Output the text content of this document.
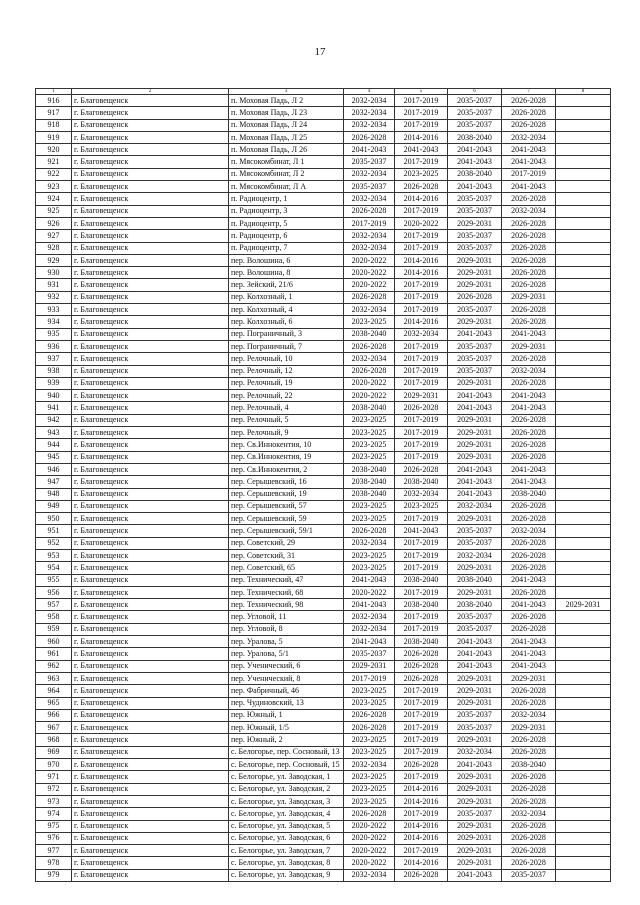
17
1	2	3	4	5	6	7	8
916	г. Благовещенск	п. Моховая Падь, Л 2	2032-2034	2017-2019	2035-2037	2026-2028	
917	г. Благовещенск	п. Моховая Падь, Л 23	2032-2034	2017-2019	2035-2037	2026-2028	
918	г. Благовещенск	п. Моховая Падь, Л 24	2032-2034	2017-2019	2035-2037	2026-2028	
919	г. Благовещенск	п. Моховая Падь, Л 25	2026-2028	2014-2016	2038-2040	2032-2034	
920	г. Благовещенск	п. Моховая Падь, Л 26	2041-2043	2041-2043	2041-2043	2041-2043	
921	г. Благовещенск	п. Мясокомбинат, Л 1	2035-2037	2017-2019	2041-2043	2041-2043	
922	г. Благовещенск	п. Мясокомбинат, Л 2	2032-2034	2023-2025	2038-2040	2017-2019	
923	г. Благовещенск	п. Мясокомбинат, Л А	2035-2037	2026-2028	2041-2043	2041-2043	
924	г. Благовещенск	п. Радиоцентр, 1	2032-2034	2014-2016	2035-2037	2026-2028	
925	г. Благовещенск	п. Радиоцентр, 3	2026-2028	2017-2019	2035-2037	2032-2034	
926	г. Благовещенск	п. Радиоцентр, 5	2017-2019	2020-2022	2029-2031	2026-2028	
927	г. Благовещенск	п. Радиоцентр, 6	2032-2034	2017-2019	2035-2037	2026-2028	
928	г. Благовещенск	п. Радиоцентр, 7	2032-2034	2017-2019	2035-2037	2026-2028	
929	г. Благовещенск	пер. Волошина, 6	2020-2022	2014-2016	2029-2031	2026-2028	
930	г. Благовещенск	пер. Волошина, 8	2020-2022	2014-2016	2029-2031	2026-2028	
931	г. Благовещенск	пер. Зейский, 21/6	2020-2022	2017-2019	2029-2031	2026-2028	
932	г. Благовещенск	пер. Колхозный, 1	2026-2028	2017-2019	2026-2028	2029-2031	
933	г. Благовещенск	пер. Колхозный, 4	2032-2034	2017-2019	2035-2037	2026-2028	
934	г. Благовещенск	пер. Колхозный, 6	2023-2025	2014-2016	2029-2031	2026-2028	
935	г. Благовещенск	пер. Пограничный, 3	2038-2040	2032-2034	2041-2043	2041-2043	
936	г. Благовещенск	пер. Пограничный, 7	2026-2028	2017-2019	2035-2037	2029-2031	
937	г. Благовещенск	пер. Релочный, 10	2032-2034	2017-2019	2035-2037	2026-2028	
938	г. Благовещенск	пер. Релочный, 12	2026-2028	2017-2019	2035-2037	2032-2034	
939	г. Благовещенск	пер. Релочный, 19	2020-2022	2017-2019	2029-2031	2026-2028	
940	г. Благовещенск	пер. Релочный, 22	2020-2022	2029-2031	2041-2043	2041-2043	
941	г. Благовещенск	пер. Релочный, 4	2038-2040	2026-2028	2041-2043	2041-2043	
942	г. Благовещенск	пер. Релочный, 5	2023-2025	2017-2019	2029-2031	2026-2028	
943	г. Благовещенск	пер. Релочный, 9	2023-2025	2017-2019	2029-2031	2026-2028	
944	г. Благовещенск	пер. Св.Иннокентия, 10	2023-2025	2017-2019	2029-2031	2026-2028	
945	г. Благовещенск	пер. Св.Иннокентия, 19	2023-2025	2017-2019	2029-2031	2026-2028	
946	г. Благовещенск	пер. Св.Иннокентия, 2	2038-2040	2026-2028	2041-2043	2041-2043	
947	г. Благовещенск	пер. Серышевский, 16	2038-2040	2038-2040	2041-2043	2041-2043	
948	г. Благовещенск	пер. Серышевский, 19	2038-2040	2032-2034	2041-2043	2038-2040	
949	г. Благовещенск	пер. Серышевский, 57	2023-2025	2023-2025	2032-2034	2026-2028	
950	г. Благовещенск	пер. Серышевский, 59	2023-2025	2017-2019	2029-2031	2026-2028	
951	г. Благовещенск	пер. Серышевский, 59/1	2026-2028	2041-2043	2035-2037	2032-2034	
952	г. Благовещенск	пер. Советский, 29	2032-2034	2017-2019	2035-2037	2026-2028	
953	г. Благовещенск	пер. Советский, 31	2023-2025	2017-2019	2032-2034	2026-2028	
954	г. Благовещенск	пер. Советский, 65	2023-2025	2017-2019	2029-2031	2026-2028	
955	г. Благовещенск	пер. Технический, 47	2041-2043	2038-2040	2038-2040	2041-2043	
956	г. Благовещенск	пер. Технический, 68	2020-2022	2017-2019	2029-2031	2026-2028	
957	г. Благовещенск	пер. Технический, 98	2041-2043	2038-2040	2038-2040	2041-2043	2029-2031
958	г. Благовещенск	пер. Угловой, 11	2032-2034	2017-2019	2035-2037	2026-2028	
959	г. Благовещенск	пер. Угловой, 8	2032-2034	2017-2019	2035-2037	2026-2028	
960	г. Благовещенск	пер. Уралова, 5	2041-2043	2038-2040	2041-2043	2041-2043	
961	г. Благовещенск	пер. Уралова, 5/1	2035-2037	2026-2028	2041-2043	2041-2043	
962	г. Благовещенск	пер. Ученический, 6	2029-2031	2026-2028	2041-2043	2041-2043	
963	г. Благовещенск	пер. Ученический, 8	2017-2019	2026-2028	2029-2031	2029-2031	
964	г. Благовещенск	пер. Фабричный, 46	2023-2025	2017-2019	2029-2031	2026-2028	
965	г. Благовещенск	пер. Чудиновский, 13	2023-2025	2017-2019	2029-2031	2026-2028	
966	г. Благовещенск	пер. Южный, 1	2026-2028	2017-2019	2035-2037	2032-2034	
967	г. Благовещенск	пер. Южный, 1/5	2026-2028	2017-2019	2035-2037	2029-2031	
968	г. Благовещенск	пер. Южный, 2	2023-2025	2017-2019	2029-2031	2026-2028	
969	г. Благовещенск	с. Белогорье, пер. Сосновый, 13	2023-2025	2017-2019	2032-2034	2026-2028	
970	г. Благовещенск	с. Белогорье, пер. Сосновый, 15	2032-2034	2026-2028	2041-2043	2038-2040	
971	г. Благовещенск	с. Белогорье, ул. Заводская, 1	2023-2025	2017-2019	2029-2031	2026-2028	
972	г. Благовещенск	с. Белогорье, ул. Заводская, 2	2023-2025	2014-2016	2029-2031	2026-2028	
973	г. Благовещенск	с. Белогорье, ул. Заводская, 3	2023-2025	2014-2016	2029-2031	2026-2028	
974	г. Благовещенск	с. Белогорье, ул. Заводская, 4	2026-2028	2017-2019	2035-2037	2032-2034	
975	г. Благовещенск	с. Белогорье, ул. Заводская, 5	2020-2022	2014-2016	2029-2031	2026-2028	
976	г. Благовещенск	с. Белогорье, ул. Заводская, 6	2020-2022	2014-2016	2029-2031	2026-2028	
977	г. Благовещенск	с. Белогорье, ул. Заводская, 7	2020-2022	2017-2019	2029-2031	2026-2028	
978	г. Благовещенск	с. Белогорье, ул. Заводская, 8	2020-2022	2014-2016	2029-2031	2026-2028	
979	г. Благовещенск	с. Белогорье, ул. Заводская, 9	2032-2034	2026-2028	2041-2043	2035-2037	
